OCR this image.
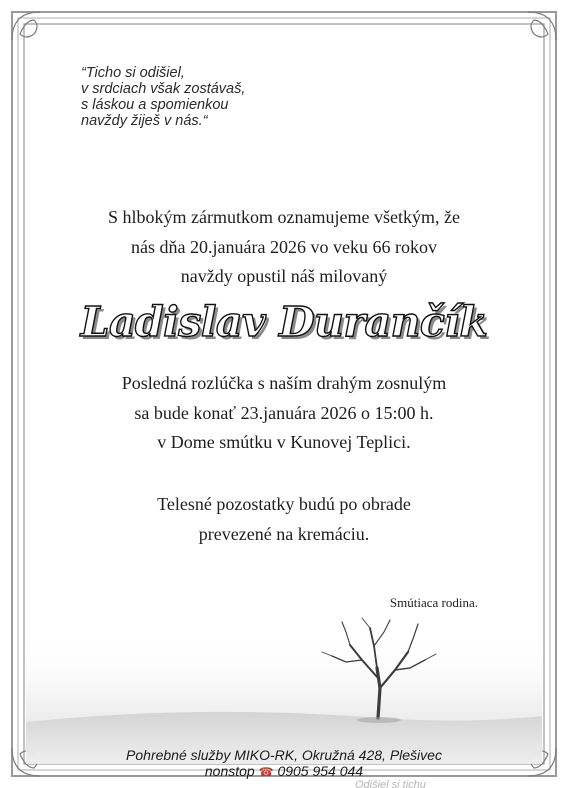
“Ticho si odišiel,
v srdciach však zostávaš,
s láskou a spomienkou
navždy žiješ v nás.“
S hlbokým zármutkom oznamujeme všetkým, že
nás dňa 20.januára 2026 vo veku 66 rokov
navždy opustil náš milovaný
Ladislav Durančík
Posledná rozlúčka s naším drahým zosnulým
sa bude konať 23.januára 2026 o 15:00 h.
v Dome smútku v Kunovej Teplici.
Telesné pozostatky budú po obrade
prevezené na kremáciu.
Smútiaca rodina.
Pohrebné služby MIKO-RK, Okružná 428, Plešivec
nonstop ☎ 0905 954 044
Odišiel si tichu
